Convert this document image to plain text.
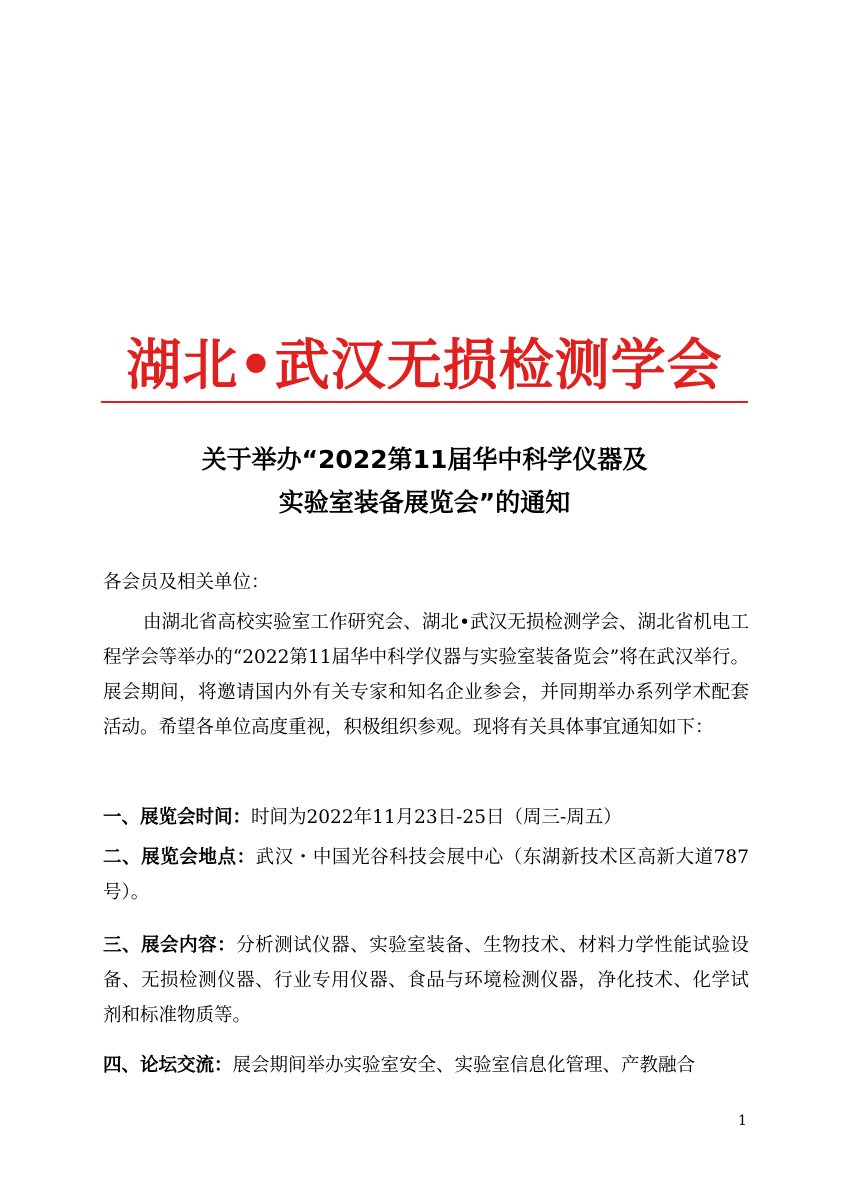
湖北•武汉无损检测学会
关于举办“2022第11届华中科学仪器及
实验室装备展览会”的通知
各会员及相关单位：
由湖北省高校实验室工作研究会、湖北•武汉无损检测学会、湖北省机电工程学会等举办的“2022第11届华中科学仪器与实验室装备览会”将在武汉举行。展会期间，将邀请国内外有关专家和知名企业参会，并同期举办系列学术配套活动。希望各单位高度重视，积极组织参观。现将有关具体事宜通知如下：
一、展览会时间：时间为2022年11月23日-25日（周三-周五）
二、展览会地点：武汉・中国光谷科技会展中心（东湖新技术区高新大道787号）。
三、展会内容：分析测试仪器、实验室装备、生物技术、材料力学性能试验设备、无损检测仪器、行业专用仪器、食品与环境检测仪器，净化技术、化学试剂和标准物质等。
四、论坛交流：展会期间举办实验室安全、实验室信息化管理、产教融合
1
